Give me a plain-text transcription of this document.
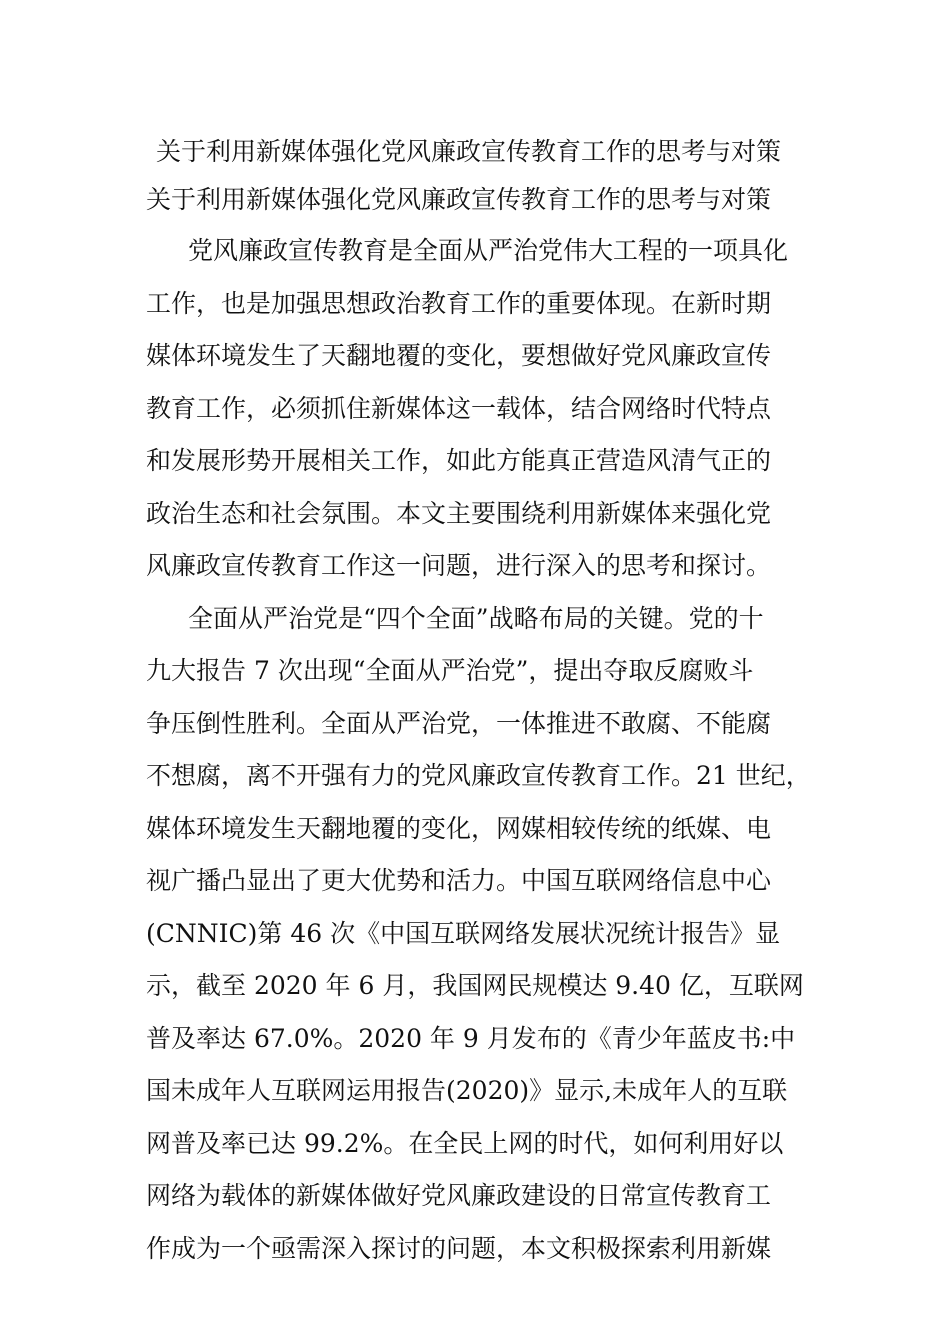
关于利用新媒体强化党风廉政宣传教育工作的思考与对策
关于利用新媒体强化党风廉政宣传教育工作的思考与对策
党风廉政宣传教育是全面从严治党伟大工程的一项具化
工作，也是加强思想政治教育工作的重要体现。在新时期
媒体环境发生了天翻地覆的变化，要想做好党风廉政宣传
教育工作，必须抓住新媒体这一载体，结合网络时代特点
和发展形势开展相关工作，如此方能真正营造风清气正的
政治生态和社会氛围。本文主要围绕利用新媒体来强化党
风廉政宣传教育工作这一问题，进行深入的思考和探讨。
全面从严治党是“四个全面”战略布局的关键。党的十
九大报告 7 次出现“全面从严治党”，提出夺取反腐败斗
争压倒性胜利。全面从严治党，一体推进不敢腐、不能腐
不想腐，离不开强有力的党风廉政宣传教育工作。21 世纪，
媒体环境发生天翻地覆的变化，网媒相较传统的纸媒、电
视广播凸显出了更大优势和活力。中国互联网络信息中心
(CNNIC)第 46 次《中国互联网络发展状况统计报告》显
示，截至 2020 年 6 月，我国网民规模达 9.40 亿，互联网
普及率达 67.0%。2020 年 9 月发布的《青少年蓝皮书:中
国未成年人互联网运用报告(2020)》显示,未成年人的互联
网普及率已达 99.2%。在全民上网的时代，如何利用好以
网络为载体的新媒体做好党风廉政建设的日常宣传教育工
作成为一个亟需深入探讨的问题，本文积极探索利用新媒
